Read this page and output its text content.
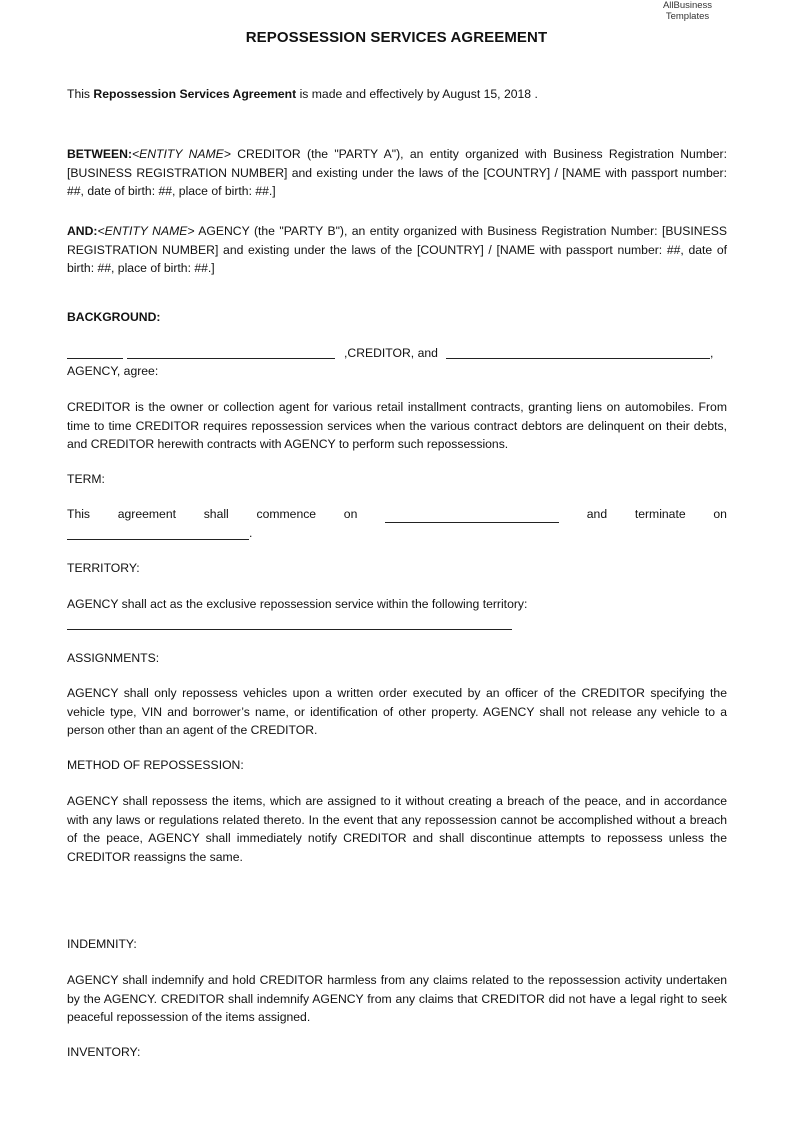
AllBusiness
Templates
REPOSSESSION SERVICES AGREEMENT

This Repossession Services Agreement is made and effectively by August 15, 2018 .

BETWEEN:<ENTITY NAME> CREDITOR (the "PARTY A"), an entity organized with Business Registration Number: [BUSINESS REGISTRATION NUMBER] and existing under the laws of the [COUNTRY] / [NAME with passport number: ##, date of birth: ##, place of birth: ##.]

AND:<ENTITY NAME> AGENCY (the "PARTY B"), an entity organized with Business Registration Number: [BUSINESS REGISTRATION NUMBER] and existing under the laws of the [COUNTRY] / [NAME with passport number: ##, date of birth: ##, place of birth: ##.]

BACKGROUND:

,CREDITOR, and	,

AGENCY, agree:

CREDITOR is the owner or collection agent for various retail installment contracts, granting liens on automobiles. From time to time CREDITOR requires repossession services when the various contract debtors are delinquent on their debts, and CREDITOR herewith contracts with AGENCY to perform such repossessions.

TERM:

This agreement shall commence on	and terminate on
.

TERRITORY:

AGENCY shall act as the exclusive repossession service within the following territory:

ASSIGNMENTS:

AGENCY shall only repossess vehicles upon a written order executed by an officer of the CREDITOR specifying the vehicle type, VIN and borrower’s name, or identification of other property. AGENCY shall not release any vehicle to a person other than an agent of the CREDITOR.

METHOD OF REPOSSESSION:

AGENCY shall repossess the items, which are assigned to it without creating a breach of the peace, and in accordance with any laws or regulations related thereto. In the event that any repossession cannot be accomplished without a breach of the peace, AGENCY shall immediately notify CREDITOR and shall discontinue attempts to repossess unless the CREDITOR reassigns the same.

INDEMNITY:

AGENCY shall indemnify and hold CREDITOR harmless from any claims related to the repossession activity undertaken by the AGENCY. CREDITOR shall indemnify AGENCY from any claims that CREDITOR did not have a legal right to seek peaceful repossession of the items assigned.

INVENTORY:
